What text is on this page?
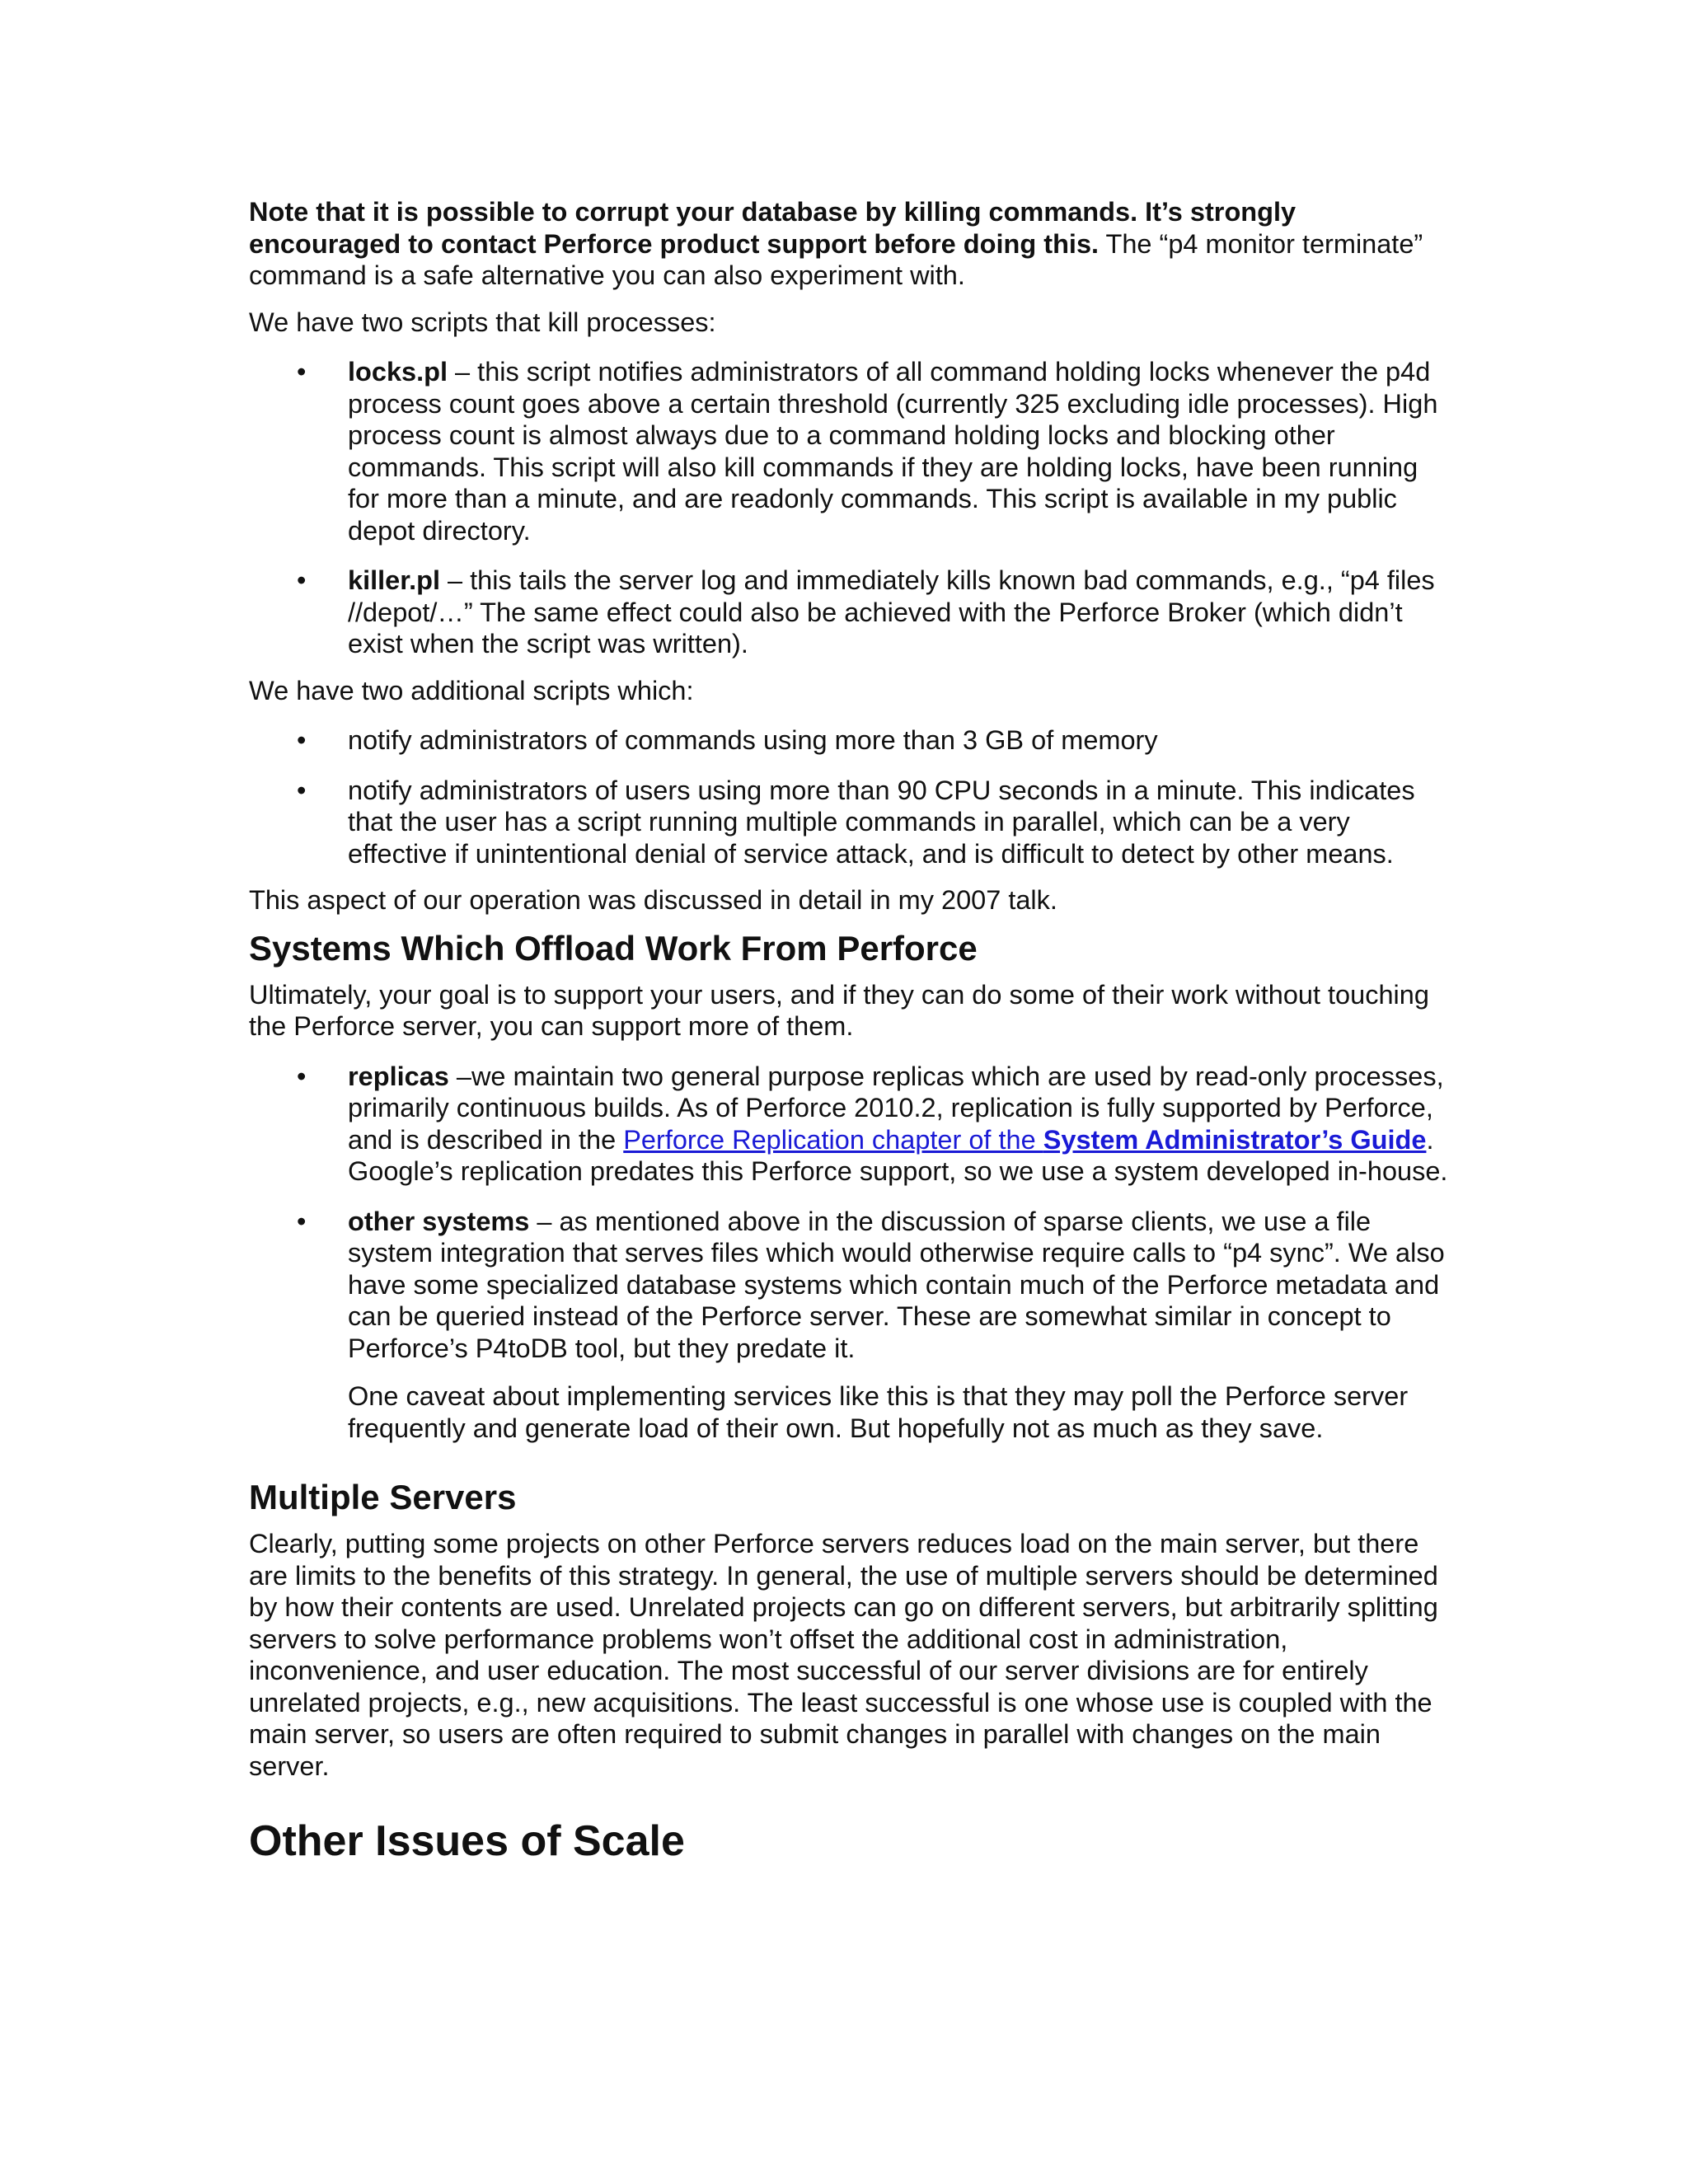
Note that it is possible to corrupt your database by killing commands. It’s strongly encouraged to contact Perforce product support before doing this. The “p4 monitor terminate” command is a safe alternative you can also experiment with.

We have two scripts that kill processes:

• locks.pl – this script notifies administrators of all command holding locks whenever the p4d process count goes above a certain threshold (currently 325 excluding idle processes). High process count is almost always due to a command holding locks and blocking other commands. This script will also kill commands if they are holding locks, have been running for more than a minute, and are readonly commands. This script is available in my public depot directory.
• killer.pl – this tails the server log and immediately kills known bad commands, e.g., “p4 files //depot/…” The same effect could also be achieved with the Perforce Broker (which didn’t exist when the script was written).

We have two additional scripts which:

• notify administrators of commands using more than 3 GB of memory
• notify administrators of users using more than 90 CPU seconds in a minute. This indicates that the user has a script running multiple commands in parallel, which can be a very effective if unintentional denial of service attack, and is difficult to detect by other means.

This aspect of our operation was discussed in detail in my 2007 talk.

Systems Which Offload Work From Perforce

Ultimately, your goal is to support your users, and if they can do some of their work without touching the Perforce server, you can support more of them.

• replicas –we maintain two general purpose replicas which are used by read-only processes, primarily continuous builds. As of Perforce 2010.2, replication is fully supported by Perforce, and is described in the Perforce Replication chapter of the System Administrator’s Guide. Google’s replication predates this Perforce support, so we use a system developed in-house.
• other systems – as mentioned above in the discussion of sparse clients, we use a file system integration that serves files which would otherwise require calls to “p4 sync”. We also have some specialized database systems which contain much of the Perforce metadata and can be queried instead of the Perforce server. These are somewhat similar in concept to Perforce’s P4toDB tool, but they predate it.

One caveat about implementing services like this is that they may poll the Perforce server frequently and generate load of their own. But hopefully not as much as they save.

Multiple Servers

Clearly, putting some projects on other Perforce servers reduces load on the main server, but there are limits to the benefits of this strategy. In general, the use of multiple servers should be determined by how their contents are used. Unrelated projects can go on different servers, but arbitrarily splitting servers to solve performance problems won’t offset the additional cost in administration, inconvenience, and user education. The most successful of our server divisions are for entirely unrelated projects, e.g., new acquisitions. The least successful is one whose use is coupled with the main server, so users are often required to submit changes in parallel with changes on the main server.

Other Issues of Scale
